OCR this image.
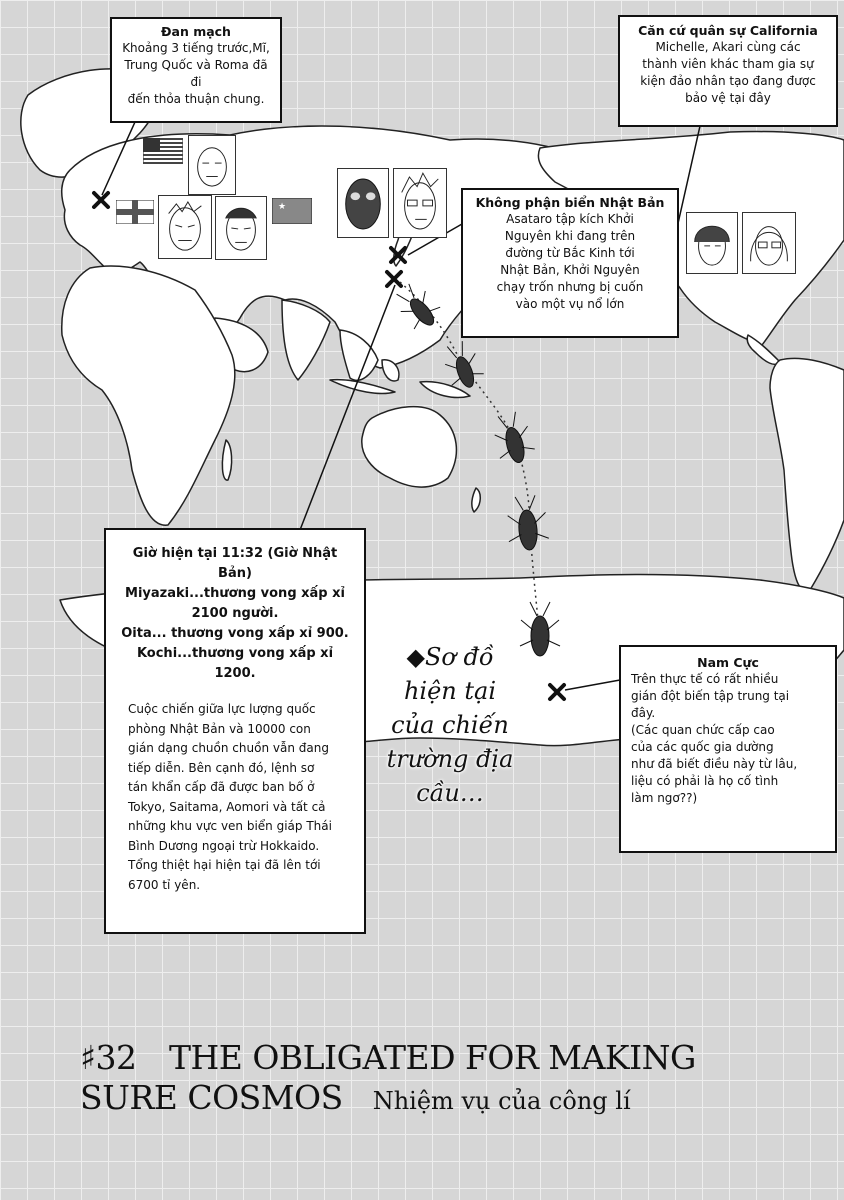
★
Đan mạch
Khoảng 3 tiếng trước,Mĩ,
Trung Quốc và Roma đã đi
đến thỏa thuận chung.
Căn cứ quân sự California
Michelle, Akari cùng các
thành viên khác tham gia sự
kiện đảo nhân tạo đang được
bảo vệ tại đây
Không phận biển Nhật Bản
Asataro tập kích Khởi
Nguyên khi đang trên
đường từ Bắc Kinh tới
Nhật Bản, Khởi Nguyên
chạy trốn nhưng bị cuốn
vào một vụ nổ lớn
Giờ hiện tại 11:32 (Giờ Nhật Bản)
Miyazaki...thương vong xấp xỉ
2100 người.
Oita... thương vong xấp xỉ 900.
Kochi...thương vong xấp xỉ
1200.
Cuộc chiến giữa lực lượng quốc
phòng Nhật Bản và 10000 con
gián dạng chuồn chuồn vẫn đang
tiếp diễn. Bên cạnh đó, lệnh sơ
tán khẩn cấp đã được ban bố ở
Tokyo, Saitama, Aomori và tất cả
những khu vực ven biển giáp Thái
Bình Dương ngoại trừ Hokkaido.
Tổng thiệt hại hiện tại đã lên tới
6700 tỉ yên.
Nam Cực
Trên thực tế có rất nhiều
gián đột biến tập trung tại
đây.
(Các quan chức cấp cao
của các quốc gia dường
như đã biết điều này từ lâu,
liệu có phải là họ cố tình
làm ngơ??)
◆Sơ đồ
hiện tại
của chiến
trường địa
cầu…
♯32　THE OBLIGATED FOR MAKING
SURE COSMOS Nhiệm vụ của công lí
